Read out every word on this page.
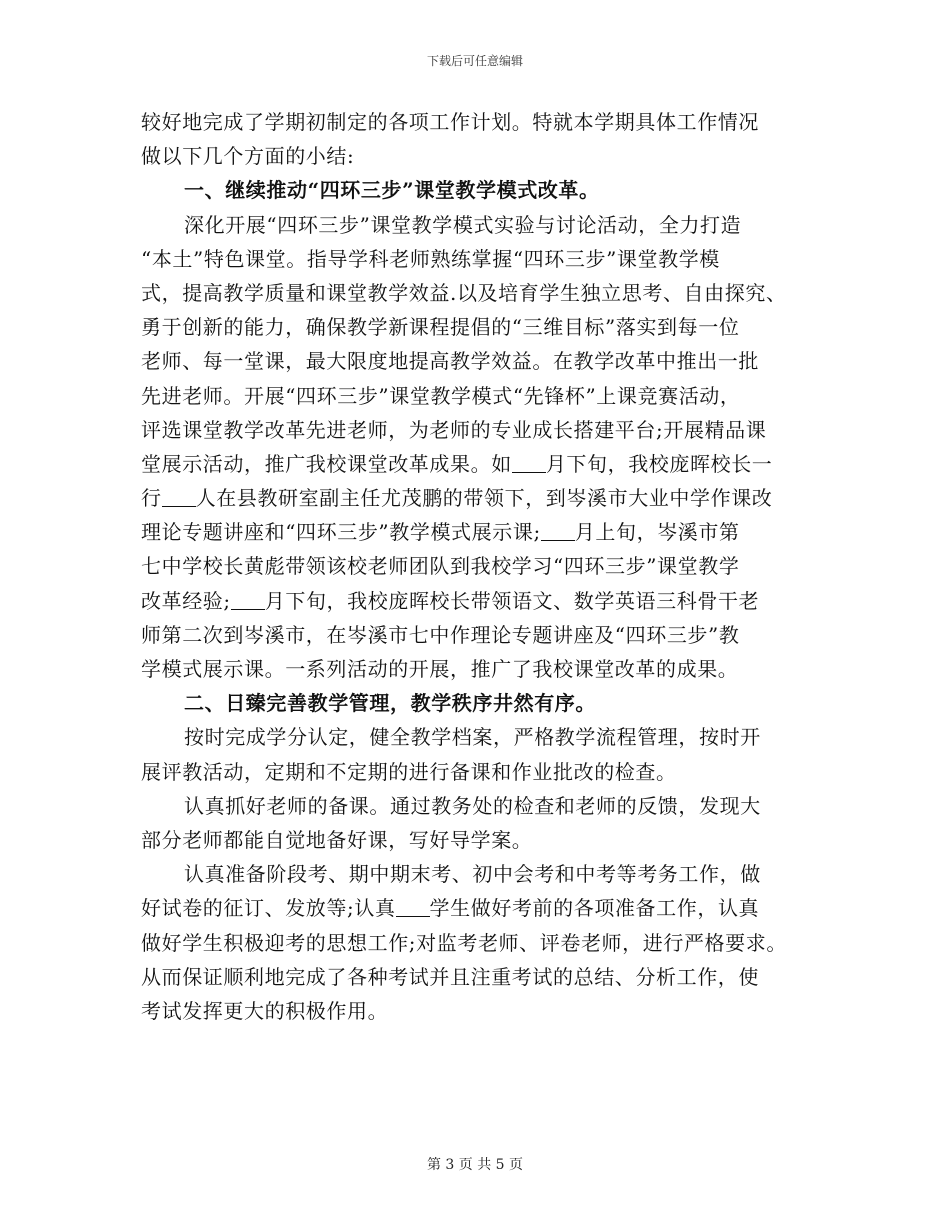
下载后可任意编辑
较好地完成了学期初制定的各项工作计划。特就本学期具体工作情况
做以下几个方面的小结:
一、继续推动“四环三步”课堂教学模式改革。
深化开展“四环三步”课堂教学模式实验与讨论活动，全力打造
“本土”特色课堂。指导学科老师熟练掌握“四环三步”课堂教学模
式，提高教学质量和课堂教学效益.以及培育学生独立思考、自由探究、
勇于创新的能力，确保教学新课程提倡的“三维目标”落实到每一位
老师、每一堂课，最大限度地提高教学效益。在教学改革中推出一批
先进老师。开展“四环三步”课堂教学模式“先锋杯”上课竞赛活动，
评选课堂教学改革先进老师，为老师的专业成长搭建平台;开展精品课
堂展示活动，推广我校课堂改革成果。如 月下旬，我校庞晖校长一
行 人在县教研室副主任尤茂鹏的带领下，到岑溪市大业中学作课改
理论专题讲座和“四环三步”教学模式展示课; 月上旬，岑溪市第
七中学校长黄彪带领该校老师团队到我校学习“四环三步”课堂教学
改革经验; 月下旬，我校庞晖校长带领语文、数学英语三科骨干老
师第二次到岑溪市，在岑溪市七中作理论专题讲座及“四环三步”教
学模式展示课。一系列活动的开展，推广了我校课堂改革的成果。
二、日臻完善教学管理，教学秩序井然有序。
按时完成学分认定，健全教学档案，严格教学流程管理，按时开
展评教活动，定期和不定期的进行备课和作业批改的检查。
认真抓好老师的备课。通过教务处的检查和老师的反馈，发现大
部分老师都能自觉地备好课，写好导学案。
认真准备阶段考、期中期末考、初中会考和中考等考务工作，做
好试卷的征订、发放等;认真 学生做好考前的各项准备工作，认真
做好学生积极迎考的思想工作;对监考老师、评卷老师，进行严格要求。
从而保证顺利地完成了各种考试并且注重考试的总结、分析工作，使
考试发挥更大的积极作用。
第 3 页 共 5 页
